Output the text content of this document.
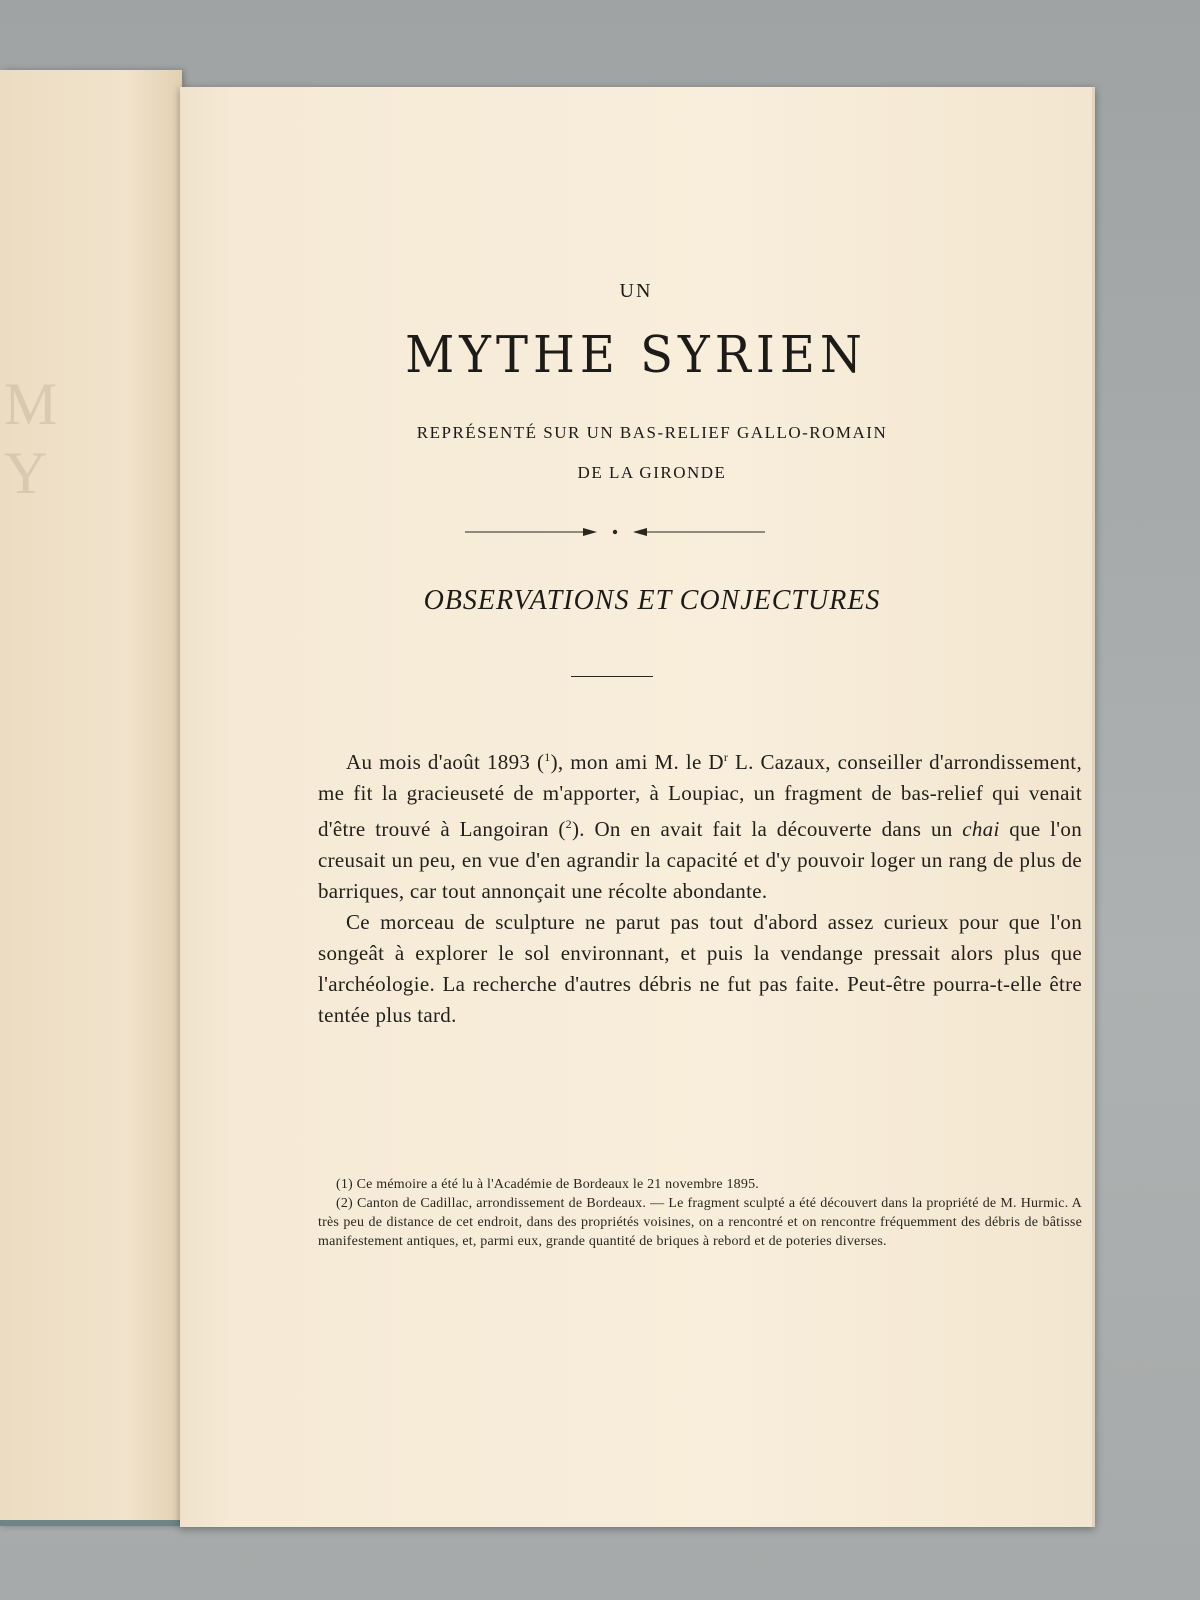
M Y
UN
MYTHE SYRIEN
REPRÉSENTÉ SUR UN BAS-RELIEF GALLO-ROMAIN
DE LA GIRONDE
OBSERVATIONS ET CONJECTURES

Au mois d'août 1893 ($^1$), mon ami M. le $D^r$ L. Cazaux, conseiller d'arrondissement, me fit la gracieuseté de m'apporter, à Loupiac, un fragment de bas-relief qui venait d'être trouvé à Langoiran ($^2$). On en avait fait la découverte dans un chai que l'on creusait un peu, en vue d'en agrandir la capacité et d'y pouvoir loger un rang de plus de barriques, car tout annonçait une récolte abondante.

Ce morceau de sculpture ne parut pas tout d'abord assez curieux pour que l'on songeât à explorer le sol environnant, et puis la vendange pressait alors plus que l'archéologie. La recherche d'autres débris ne fut pas faite. Peut-être pourra-t-elle être tentée plus tard.

(1) Ce mémoire a été lu à l'Académie de Bordeaux le 21 novembre 1895.

(2) Canton de Cadillac, arrondissement de Bordeaux. — Le fragment sculpté a été découvert dans la propriété de M. Hurmic. A très peu de distance de cet endroit, dans des propriétés voisines, on a rencontré et on rencontre fréquemment des débris de bâtisse manifestement antiques, et, parmi eux, grande quantité de briques à rebord et de poteries diverses.
